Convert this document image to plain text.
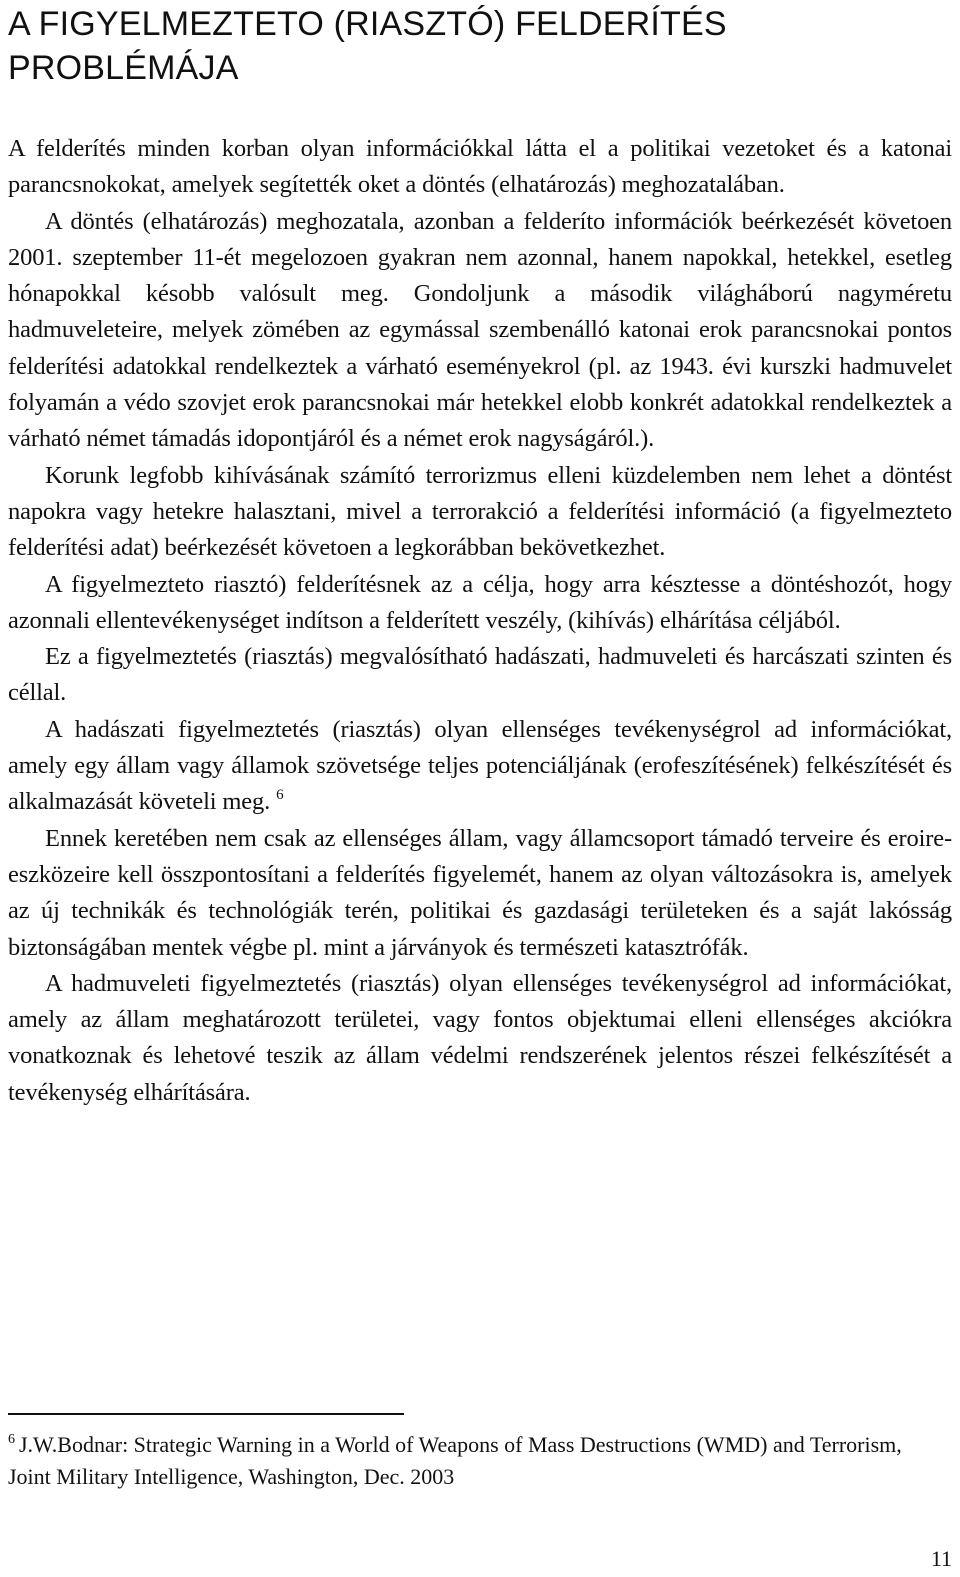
A FIGYELMEZTETO (RIASZTÓ) FELDERÍTÉS PROBLÉMÁJA

A felderítés minden korban olyan információkkal látta el a politikai vezetoket és a katonai parancsnokokat, amelyek segítették oket a döntés (elhatározás) meghozatalában.

A döntés (elhatározás) meghozatala, azonban a felderíto információk beérkezését követoen 2001. szeptember 11-ét megelozoen gyakran nem azonnal, hanem napokkal, hetekkel, esetleg hónapokkal késobb valósult meg. Gondoljunk a második világháború nagyméretu hadmuveleteire, melyek zömében az egymással szembenálló katonai erok parancsnokai pontos felderítési adatokkal rendelkeztek a várható eseményekrol (pl. az 1943. évi kurszki hadmuvelet folyamán a védo szovjet erok parancsnokai már hetekkel elobb konkrét adatokkal rendelkeztek a várható német támadás idopontjáról és a német erok nagyságáról.).

Korunk legfobb kihívásának számító terrorizmus elleni küzdelemben nem lehet a döntést napokra vagy hetekre halasztani, mivel a terrorakció a felderítési információ (a figyelmezteto felderítési adat) beérkezését követoen a legkorábban bekövetkezhet.

A figyelmezteto riasztó) felderítésnek az a célja, hogy arra késztesse a döntéshozót, hogy azonnali ellentevékenységet indítson a felderített veszély, (kihívás) elhárítása céljából.

Ez a figyelmeztetés (riasztás) megvalósítható hadászati, hadmuveleti és harcászati szinten és céllal.

A hadászati figyelmeztetés (riasztás) olyan ellenséges tevékenységrol ad információkat, amely egy állam vagy államok szövetsége teljes potenciáljának (erofeszítésének) felkészítését és alkalmazását követeli meg. $^6$

Ennek keretében nem csak az ellenséges állam, vagy államcsoport támadó terveire és eroire-eszközeire kell összpontosítani a felderítés figyelemét, hanem az olyan változásokra is, amelyek az új technikák és technológiák terén, politikai és gazdasági területeken és a saját lakósság biztonságában mentek végbe pl. mint a járványok és természeti katasztrófák.

A hadmuveleti figyelmeztetés (riasztás) olyan ellenséges tevékenységrol ad információkat, amely az állam meghatározott területei, vagy fontos objektumai elleni ellenséges akciókra vonatkoznak és lehetové teszik az állam védelmi rendszerének jelentos részei felkészítését a tevékenység elhárítására.

$^6$ J.W.Bodnar: Strategic Warning in a World of Weapons of Mass Destructions (WMD) and Terrorism, Joint Military Intelligence, Washington, Dec. 2003
11
